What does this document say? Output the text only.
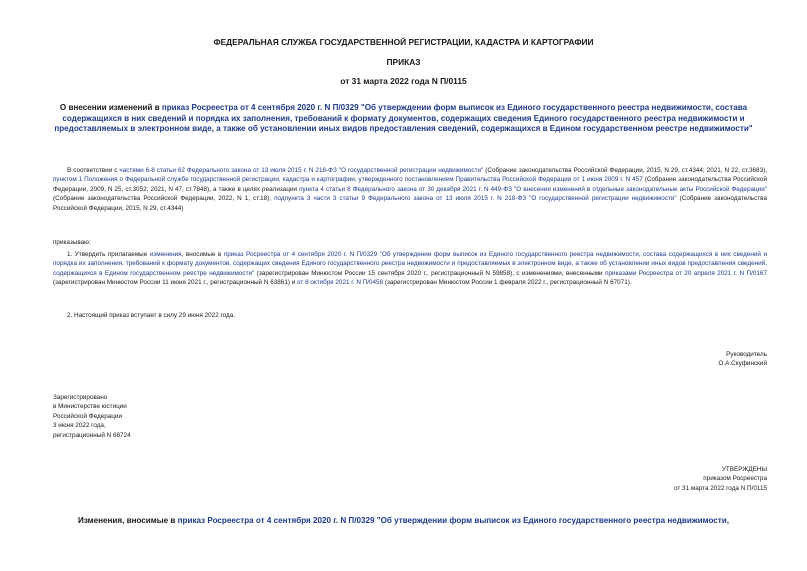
ФЕДЕРАЛЬНАЯ СЛУЖБА ГОСУДАРСТВЕННОЙ РЕГИСТРАЦИИ, КАДАСТРА И КАРТОГРАФИИ
ПРИКАЗ
от 31 марта 2022 года N П/0115
О внесении изменений в приказ Росреестра от 4 сентября 2020 г. N П/0329 "Об утверждении форм выписок из Единого государственного реестра недвижимости, состава содержащихся в них сведений и порядка их заполнения, требований к формату документов, содержащих сведения Единого государственного реестра недвижимости и предоставляемых в электронном виде, а также об установлении иных видов предоставления сведений, содержащихся в Едином государственном реестре недвижимости"
В соответствии с частями 6-8 статьи 62 Федерального закона от 13 июля 2015 г. N 218-ФЗ "О государственной регистрации недвижимости" (Собрание законодательства Российской Федерации, 2015, N 29, ст.4344; 2021, N 22, ст.3683), пунктом 1 Положения о Федеральной службе государственной регистрации, кадастра и картографии, утвержденного постановлением Правительства Российской Федерации от 1 июня 2009 г. N 457 (Собрание законодательства Российской Федерации, 2009, N 25, ст.3052; 2021, N 47, ст.7848), а также в целях реализации пункта 4 статьи 8 Федерального закона от 30 декабря 2021 г. N 449-ФЗ "О внесении изменений в отдельные законодательные акты Российской Федерации" (Собрание законодательства Российской Федерации, 2022, N 1, ст.18), подпункта 3 части 3 статьи 9 Федерального закона от 13 июля 2015 г. N 218-ФЗ "О государственной регистрации недвижимости" (Собрание законодательства Российской Федерации, 2015, N 29, ст.4344)
приказываю:
1. Утвердить прилагаемые изменения, вносимые в приказ Росреестра от 4 сентября 2020 г. N П/0329 "Об утверждении форм выписок из Единого государственного реестра недвижимости, состава содержащихся в них сведений и порядка их заполнения, требований к формату документов, содержащих сведения Единого государственного реестра недвижимости и предоставляемых в электронном виде, а также об установлении иных видов предоставления сведений, содержащихся в Едином государственном реестре недвижимости" (зарегистрирован Минюстом России 15 сентября 2020 г., регистрационный N 59858), с изменениями, внесенными приказами Росреестра от 20 апреля 2021 г. N П/0167 (зарегистрирован Минюстом России 11 июня 2021 г., регистрационный N 63861) и от 8 октября 2021 г. N П/0458 (зарегистрирован Минюстом России 1 февраля 2022 г., регистрационный N 67071).
2. Настоящий приказ вступает в силу 29 июня 2022 года.
Руководитель
О.А.Скуфинский
Зарегистрировано
в Министерстве юстиции
Российской Федерации
3 июня 2022 года,
регистрационный N 68724
УТВЕРЖДЕНЫ
приказом Росреестра
от 31 марта 2022 года N П/0115
Изменения, вносимые в приказ Росреестра от 4 сентября 2020 г. N П/0329 "Об утверждении форм выписок из Единого государственного реестра недвижимости,
